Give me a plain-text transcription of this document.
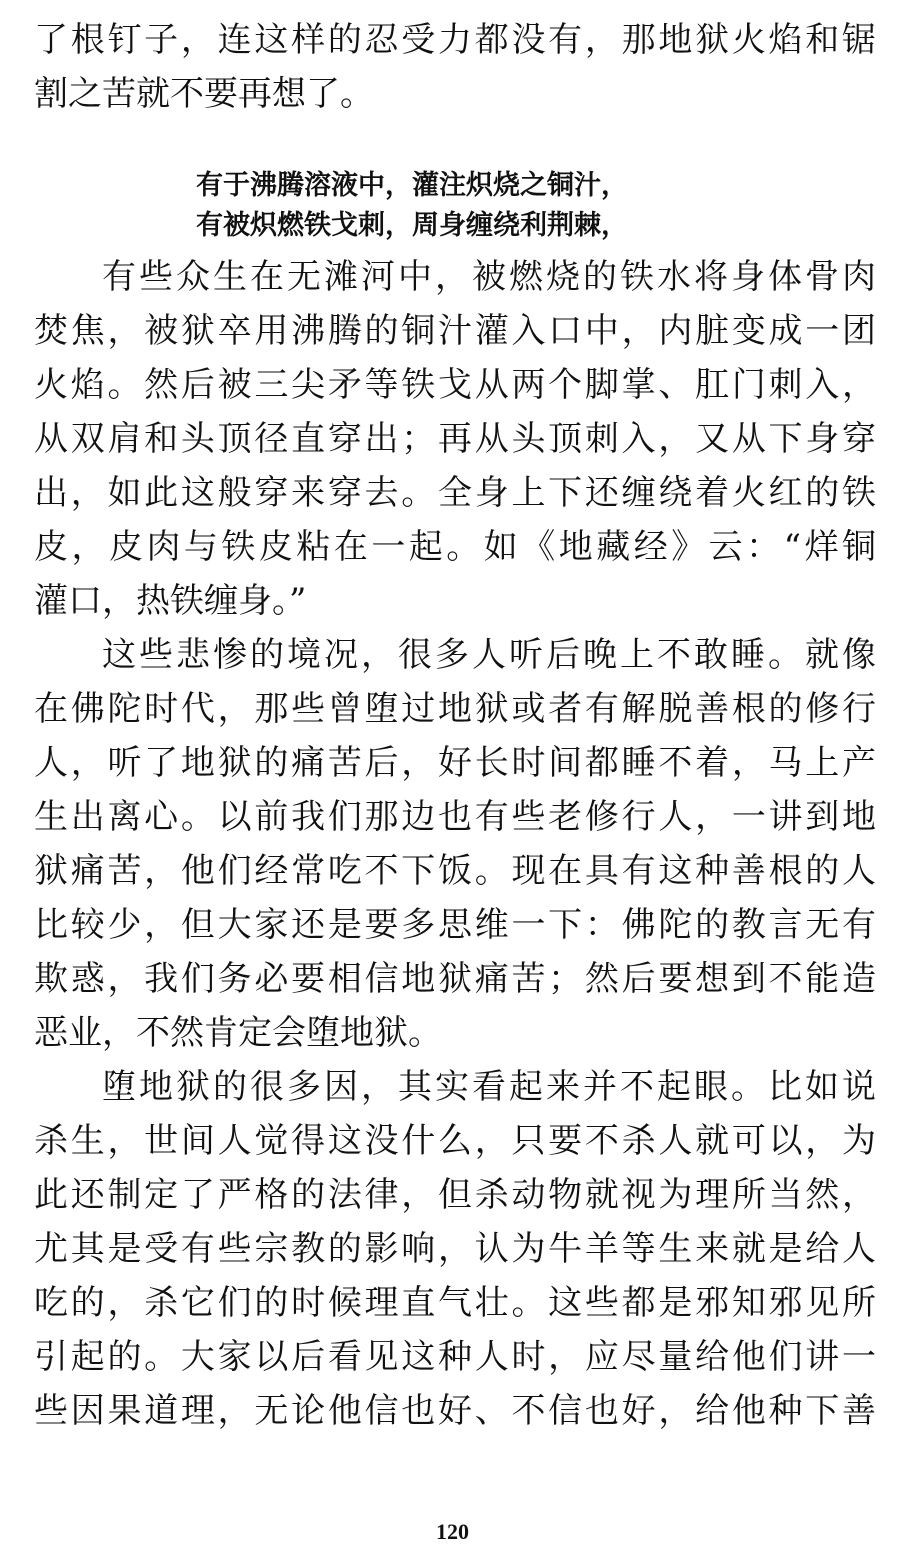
了根钉子，连这样的忍受力都没有，那地狱火焰和锯
割之苦就不要再想了。
有于沸腾溶液中，灌注炽烧之铜汁，
有被炽燃铁戈刺，周身缠绕利荆棘，
有些众生在无滩河中，被燃烧的铁水将身体骨肉
焚焦，被狱卒用沸腾的铜汁灌入口中，内脏变成一团
火焰。然后被三尖矛等铁戈从两个脚掌、肛门刺入，
从双肩和头顶径直穿出；再从头顶刺入，又从下身穿
出，如此这般穿来穿去。全身上下还缠绕着火红的铁
皮，皮肉与铁皮粘在一起。如《地藏经》云：“烊铜
灌口，热铁缠身。”
这些悲惨的境况，很多人听后晚上不敢睡。就像
在佛陀时代，那些曾堕过地狱或者有解脱善根的修行
人，听了地狱的痛苦后，好长时间都睡不着，马上产
生出离心。以前我们那边也有些老修行人，一讲到地
狱痛苦，他们经常吃不下饭。现在具有这种善根的人
比较少，但大家还是要多思维一下：佛陀的教言无有
欺惑，我们务必要相信地狱痛苦；然后要想到不能造
恶业，不然肯定会堕地狱。
堕地狱的很多因，其实看起来并不起眼。比如说
杀生，世间人觉得这没什么，只要不杀人就可以，为
此还制定了严格的法律，但杀动物就视为理所当然，
尤其是受有些宗教的影响，认为牛羊等生来就是给人
吃的，杀它们的时候理直气壮。这些都是邪知邪见所
引起的。大家以后看见这种人时，应尽量给他们讲一
些因果道理，无论他信也好、不信也好，给他种下善
120
